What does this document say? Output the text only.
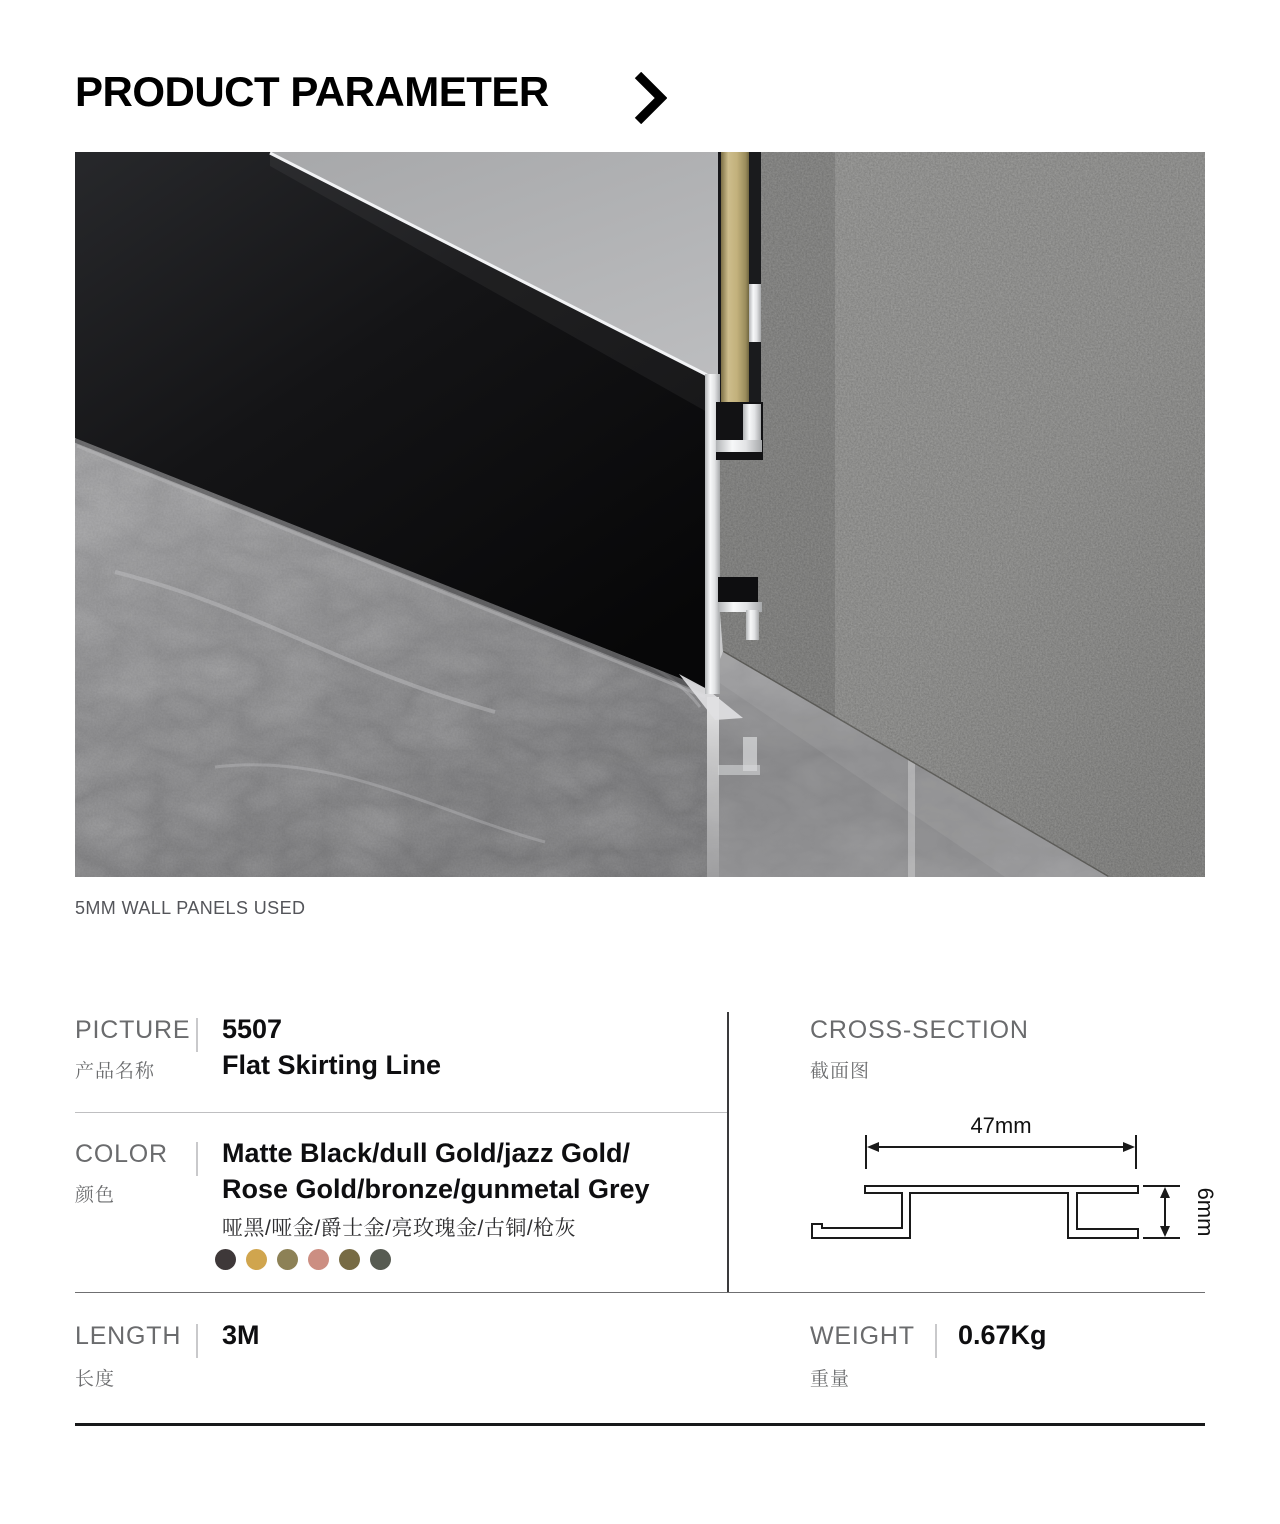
PRODUCT PARAMETER
5MM WALL PANELS USED
PICTURE
产品名称
5507
Flat Skirting Line
COLOR
颜色
Matte Black/dull Gold/jazz Gold/
Rose Gold/bronze/gunmetal Grey
哑黑/哑金/爵士金/亮玫瑰金/古铜/枪灰
CROSS-SECTION
截面图
47mm
6mm
LENGTH
长度
3M	WEIGHT
重量
0.67Kg
